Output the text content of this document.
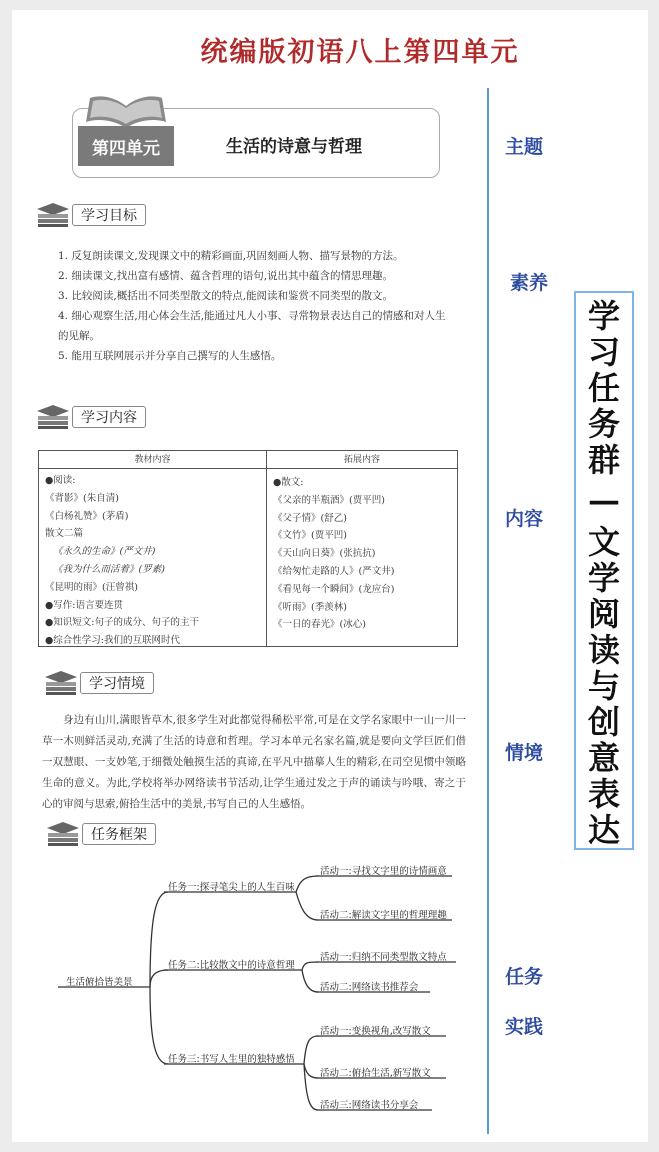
统编版初语八上第四单元
第四单元	生活的诗意与哲理
学习目标
1. 反复朗读课文,发现课文中的精彩画面,巩固刻画人物、描写景物的方法。
2. 细读课文,找出富有感情、蕴含哲理的语句,说出其中蕴含的情思理趣。
3. 比较阅读,概括出不同类型散文的特点,能阅读和鉴赏不同类型的散文。
4. 细心观察生活,用心体会生活,能通过凡人小事、寻常物景表达自己的情感和对人生
的见解。
5. 能用互联网展示并分享自己撰写的人生感悟。
学习内容
教材内容
●阅读:
《背影》(朱自清)
《白杨礼赞》(茅盾)
散文二篇
《永久的生命》(严文井)
《我为什么而活着》(罗素)
《昆明的雨》(汪曾祺)
●写作:语言要连贯
●知识短文:句子的成分、句子的主干
●综合性学习:我们的互联网时代
拓展内容
●散文:
《父亲的半瓶酒》(贾平凹)
《父子情》(舒乙)
《文竹》(贾平凹)
《天山向日葵》(张抗抗)
《给匆忙走路的人》(严文井)
《看见每一个瞬间》(龙应台)
《听雨》(季羡林)
《一日的春光》(冰心)
学习情境
身边有山川,满眼皆草木,很多学生对此都觉得稀松平常,可是在文学名家眼中一山一川一草一木则鲜活灵动,充满了生活的诗意和哲理。学习本单元名家名篇,就是要向文学巨匠们借一双慧眼、一支妙笔,于细微处触摸生活的真谛,在平凡中描摹人生的精彩,在司空见惯中领略生命的意义。为此,学校将举办网络读书节活动,让学生通过发之于声的诵读与吟哦、寄之于心的审阅与思索,俯拾生活中的美景,书写自己的人生感悟。
任务框架
生活俯拾皆美景
任务一:探寻笔尖上的人生百味
任务二:比较散文中的诗意哲理
任务三:书写人生里的独特感悟
活动一:寻找文字里的诗情画意
活动二:解读文字里的哲理理趣
活动一:归纳不同类型散文特点
活动二:网络读书推荐会
活动一:变换视角,改写散文
活动二:俯拾生活,新写散文
活动三:网络读书分享会
主题
素养
内容
情境
任务
实践
学
习
任
务
群
—
文
学
阅
读
与
创
意
表
达
